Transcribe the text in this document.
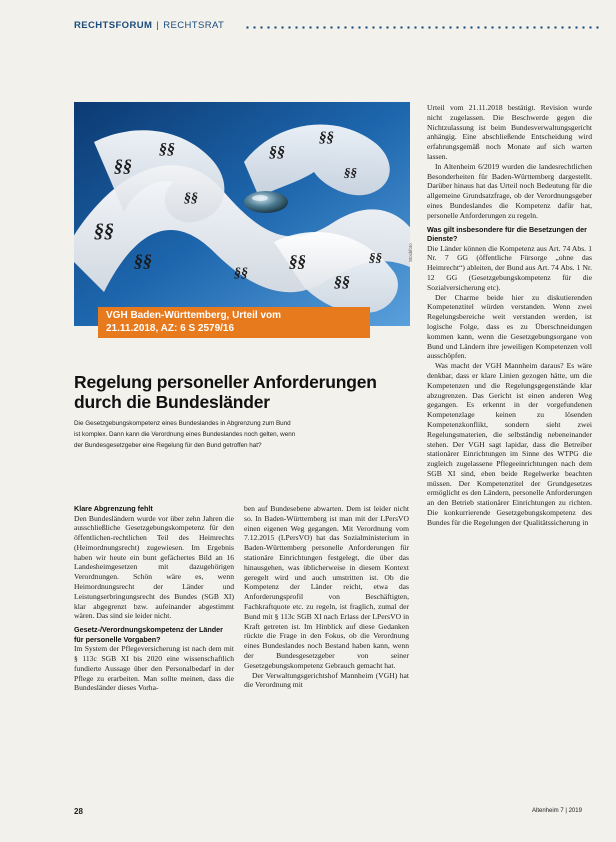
RECHTSFORUM | RECHTSRAT
§§
§§
§§
§§
§§
§§
§§
§§
§§
§§
§§
§§
Stockfoto
VGH Baden-Württemberg, Urteil vom
21.11.2018, AZ: 6 S 2579/16
Regelung personeller Anforderungen
durch die Bundesländer
Die Gesetzgebungskompetenz eines Bundeslandes in Abgrenzung zum Bund
ist komplex. Dann kann die Verordnung eines Bundeslandes noch gelten, wenn
der Bundesgesetzgeber eine Regelung für den Bund getroffen hat?
Klare Abgrenzung fehlt

Den Bundesländern wurde vor über zehn Jahren die ausschließliche Gesetzgebungskompetenz für den öffentlichen-rechtlichen Teil des Heimrechts (Heimordnungsrecht) zugewiesen. Im Ergebnis haben wir heute ein bunt gefächertes Bild an 16 Landesheimgesetzen mit dazugehörigen Verordnungen. Schön wäre es, wenn Heimordnungsrecht der Länder und Leistungserbringungsrecht des Bundes (SGB XI) klar abgegrenzt bzw. aufeinander abgestimmt wären. Das sind sie leider nicht.

Gesetz-/Verordnungskompetenz der Länder für personelle Vorgaben?

Im System der Pflegeversicherung ist nach dem mit § 113c SGB XI bis 2020 eine wissenschaftlich fundierte Aussage über den Personalbedarf in der Pflege zu erarbeiten. Man sollte meinen, dass die Bundesländer dieses Vorha-

ben auf Bundesebene abwarten. Dem ist leider nicht so. In Baden-Württemberg ist man mit der LPersVO einen eigenen Weg gegangen. Mit Verordnung vom 7.12.2015 (LPersVO) hat das Sozialministerium in Baden-Württemberg personelle Anforderungen für stationäre Einrichtungen festgelegt, die über das hinausgehen, was üblicherweise in diesem Kontext geregelt wird und auch umstritten ist. Ob die Kompetenz der Länder reicht, etwa das Anforderungsprofil von Beschäftigten, Fachkraftquote etc. zu regeln, ist fraglich, zumal der Bund mit § 113c SGB XI nach Erlass der LPersVO in Kraft getreten ist. Im Hinblick auf diese Gedanken rückte die Frage in den Fokus, ob die Verordnung eines Bundeslandes noch Bestand haben kann, wenn der Bundesgesetzgeber von seiner Gesetzgebungskompetenz Gebrauch gemacht hat.

Der Verwaltungsgerichtshof Mannheim (VGH) hat die Verordnung mit

Urteil vom 21.11.2018 bestätigt. Revision wurde nicht zugelassen. Die Beschwerde gegen die Nichtzulassung ist beim Bundesverwaltungsgericht anhängig. Eine abschließende Entscheidung wird erfahrungsgemäß noch Monate auf sich warten lassen.

In Altenheim 6/2019 wurden die landesrechtlichen Besonderheiten für Baden-Württemberg dargestellt. Darüber hinaus hat das Urteil noch Bedeutung für die allgemeine Grundsatzfrage, ob der Verordnungsgeber eines Bundeslandes die Kompetenz dafür hat, personelle Anforderungen zu regeln.

Was gilt insbesondere für die Besetzungen der Dienste?

Die Länder können die Kompetenz aus Art. 74 Abs. 1 Nr. 7 GG (öffentliche Fürsorge „ohne das Heimrecht“) ableiten, der Bund aus Art. 74 Abs. 1 Nr. 12 GG (Gesetzgebungskompetenz für die Sozialversicherung etc).

Der Charme beide hier zu diskutierenden Kompetenztitel würden verstanden. Wenn zwei Regelungsbereiche weit verstanden werden, ist logische Folge, dass es zu Überschneidungen kommen kann, wenn die Gesetzgebungsorgane von Bund und Ländern ihre jeweiligen Kompetenzen voll ausschöpfen.

Was macht der VGH Mannheim daraus? Es wäre denkbar, dass er klare Linien gezogen hätte, um die Kompetenzen und die Regelungsgegenstände klar abzugrenzen. Das Gericht ist einen anderen Weg gegangen. Es erkennt in der vorgefundenen Kompetenzlage keinen zu lösenden Kompetenzkonflikt, sondern sieht zwei Regelungsmaterien, die selbständig nebeneinander stehen. Der VGH sagt lapidar, dass die Betreiber stationärer Einrichtungen im Sinne des WTPG die zugleich zugelassene Pflegeeinrichtungen nach dem SGB XI sind, eben beide Regelwerke beachten müssen. Der Kompetenztitel der Grundgesetzes ermöglicht es den Ländern, personelle Anforderungen an den Betrieb stationärer Einrichtungen zu richten. Die konkurrierende Gesetzgebungskompetenz des Bundes für die Regelungen der Qualitätssicherung in

28	Altenheim 7 | 2019
